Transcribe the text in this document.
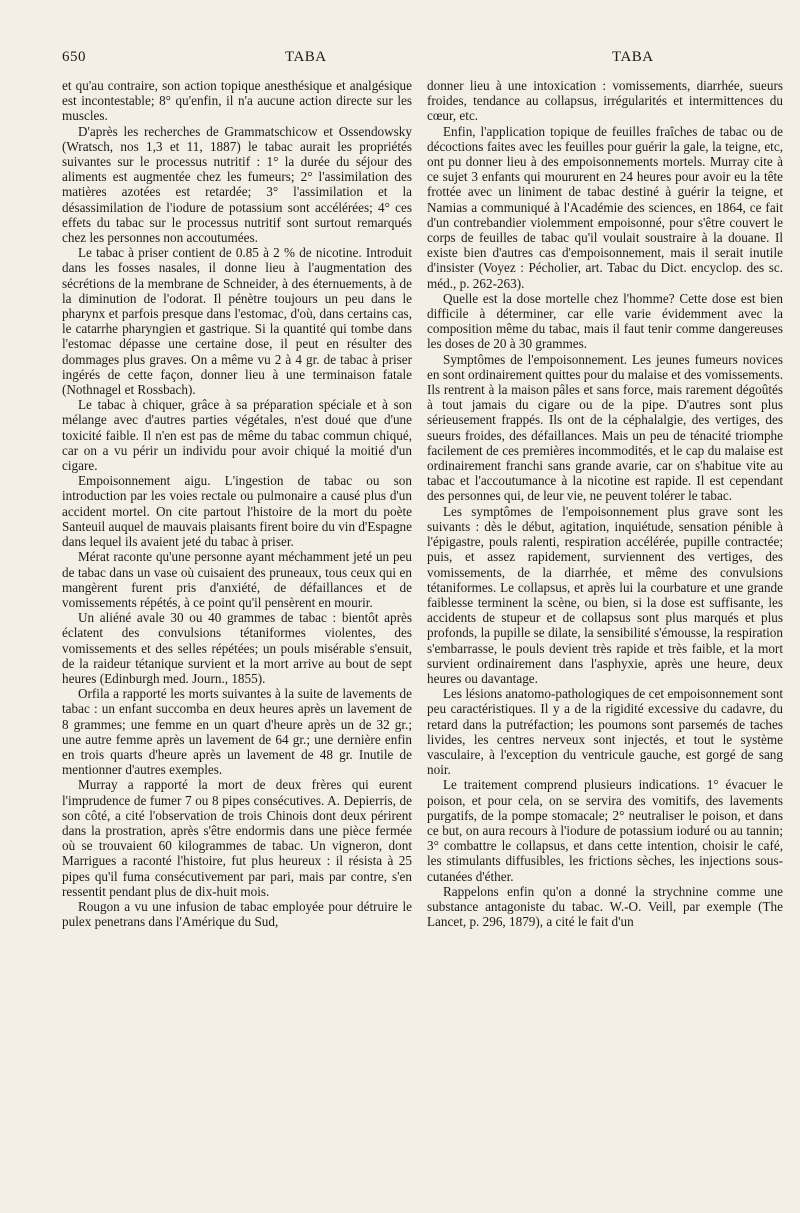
650	TABA	TABA

et qu'au contraire, son action topique anesthésique et analgésique est incontestable; 8° qu'enfin, il n'a aucune action directe sur les muscles.

D'après les recherches de Grammatschicow et Ossendowsky (Wratsch, nos 1,3 et 11, 1887) le tabac aurait les propriétés suivantes sur le processus nutritif : 1° la durée du séjour des aliments est augmentée chez les fumeurs; 2° l'assimilation des matières azotées est retardée; 3° l'assimilation et la désassimilation de l'iodure de potassium sont accélérées; 4° ces effets du tabac sur le processus nutritif sont surtout remarqués chez les personnes non accoutumées.

Le tabac à priser contient de 0.85 à 2 % de nicotine. Introduit dans les fosses nasales, il donne lieu à l'augmentation des sécrétions de la membrane de Schneider, à des éternuements, à de la diminution de l'odorat. Il pénètre toujours un peu dans le pharynx et parfois presque dans l'estomac, d'où, dans certains cas, le catarrhe pharyngien et gastrique. Si la quantité qui tombe dans l'estomac dépasse une certaine dose, il peut en résulter des dommages plus graves. On a même vu 2 à 4 gr. de tabac à priser ingérés de cette façon, donner lieu à une terminaison fatale (Nothnagel et Rossbach).

Le tabac à chiquer, grâce à sa préparation spéciale et à son mélange avec d'autres parties végétales, n'est doué que d'une toxicité faible. Il n'en est pas de même du tabac commun chiqué, car on a vu périr un individu pour avoir chiqué la moitié d'un cigare.

Empoisonnement aigu. L'ingestion de tabac ou son introduction par les voies rectale ou pulmonaire a causé plus d'un accident mortel. On cite partout l'histoire de la mort du poète Santeuil auquel de mauvais plaisants firent boire du vin d'Espagne dans lequel ils avaient jeté du tabac à priser.

Mérat raconte qu'une personne ayant méchamment jeté un peu de tabac dans un vase où cuisaient des pruneaux, tous ceux qui en mangèrent furent pris d'anxiété, de défaillances et de vomissements répétés, à ce point qu'il pensèrent en mourir.

Un aliéné avale 30 ou 40 grammes de tabac : bientôt après éclatent des convulsions tétaniformes violentes, des vomissements et des selles répétées; un pouls misérable s'ensuit, de la raideur tétanique survient et la mort arrive au bout de sept heures (Edinburgh med. Journ., 1855).

Orfila a rapporté les morts suivantes à la suite de lavements de tabac : un enfant succomba en deux heures après un lavement de 8 grammes; une femme en un quart d'heure après un de 32 gr.; une autre femme après un lavement de 64 gr.; une dernière enfin en trois quarts d'heure après un lavement de 48 gr. Inutile de mentionner d'autres exemples.

Murray a rapporté la mort de deux frères qui eurent l'imprudence de fumer 7 ou 8 pipes consécutives. A. Depierris, de son côté, a cité l'observation de trois Chinois dont deux périrent dans la prostration, après s'être endormis dans une pièce fermée où se trouvaient 60 kilogrammes de tabac. Un vigneron, dont Marrigues a raconté l'histoire, fut plus heureux : il résista à 25 pipes qu'il fuma consécutivement par pari, mais par contre, s'en ressentit pendant plus de dix-huit mois.

Rougon a vu une infusion de tabac employée pour détruire le pulex penetrans dans l'Amérique du Sud,

donner lieu à une intoxication : vomissements, diarrhée, sueurs froides, tendance au collapsus, irrégularités et intermittences du cœur, etc.

Enfin, l'application topique de feuilles fraîches de tabac ou de décoctions faites avec les feuilles pour guérir la gale, la teigne, etc, ont pu donner lieu à des empoisonnements mortels. Murray cite à ce sujet 3 enfants qui moururent en 24 heures pour avoir eu la tête frottée avec un liniment de tabac destiné à guérir la teigne, et Namias a communiqué à l'Académie des sciences, en 1864, ce fait d'un contrebandier violemment empoisonné, pour s'être couvert le corps de feuilles de tabac qu'il voulait soustraire à la douane. Il existe bien d'autres cas d'empoisonnement, mais il serait inutile d'insister (Voyez : Pécholier, art. Tabac du Dict. encyclop. des sc. méd., p. 262-263).

Quelle est la dose mortelle chez l'homme? Cette dose est bien difficile à déterminer, car elle varie évidemment avec la composition même du tabac, mais il faut tenir comme dangereuses les doses de 20 à 30 grammes.

Symptômes de l'empoisonnement. Les jeunes fumeurs novices en sont ordinairement quittes pour du malaise et des vomissements. Ils rentrent à la maison pâles et sans force, mais rarement dégoûtés à tout jamais du cigare ou de la pipe. D'autres sont plus sérieusement frappés. Ils ont de la céphalalgie, des vertiges, des sueurs froides, des défaillances. Mais un peu de ténacité triomphe facilement de ces premières incommodités, et le cap du malaise est ordinairement franchi sans grande avarie, car on s'habitue vite au tabac et l'accoutumance à la nicotine est rapide. Il est cependant des personnes qui, de leur vie, ne peuvent tolérer le tabac.

Les symptômes de l'empoisonnement plus grave sont les suivants : dès le début, agitation, inquiétude, sensation pénible à l'épigastre, pouls ralenti, respiration accélérée, pupille contractée; puis, et assez rapidement, surviennent des vertiges, des vomissements, de la diarrhée, et même des convulsions tétaniformes. Le collapsus, et après lui la courbature et une grande faiblesse terminent la scène, ou bien, si la dose est suffisante, les accidents de stupeur et de collapsus sont plus marqués et plus profonds, la pupille se dilate, la sensibilité s'émousse, la respiration s'embarrasse, le pouls devient très rapide et très faible, et la mort survient ordinairement dans l'asphyxie, après une heure, deux heures ou davantage.

Les lésions anatomo-pathologiques de cet empoisonnement sont peu caractéristiques. Il y a de la rigidité excessive du cadavre, du retard dans la putréfaction; les poumons sont parsemés de taches livides, les centres nerveux sont injectés, et tout le système vasculaire, à l'exception du ventricule gauche, est gorgé de sang noir.

Le traitement comprend plusieurs indications. 1° évacuer le poison, et pour cela, on se servira des vomitifs, des lavements purgatifs, de la pompe stomacale; 2° neutraliser le poison, et dans ce but, on aura recours à l'iodure de potassium ioduré ou au tannin; 3° combattre le collapsus, et dans cette intention, choisir le café, les stimulants diffusibles, les frictions sèches, les injections sous-cutanées d'éther.

Rappelons enfin qu'on a donné la strychnine comme une substance antagoniste du tabac. W.-O. Veill, par exemple (The Lancet, p. 296, 1879), a cité le fait d'un
